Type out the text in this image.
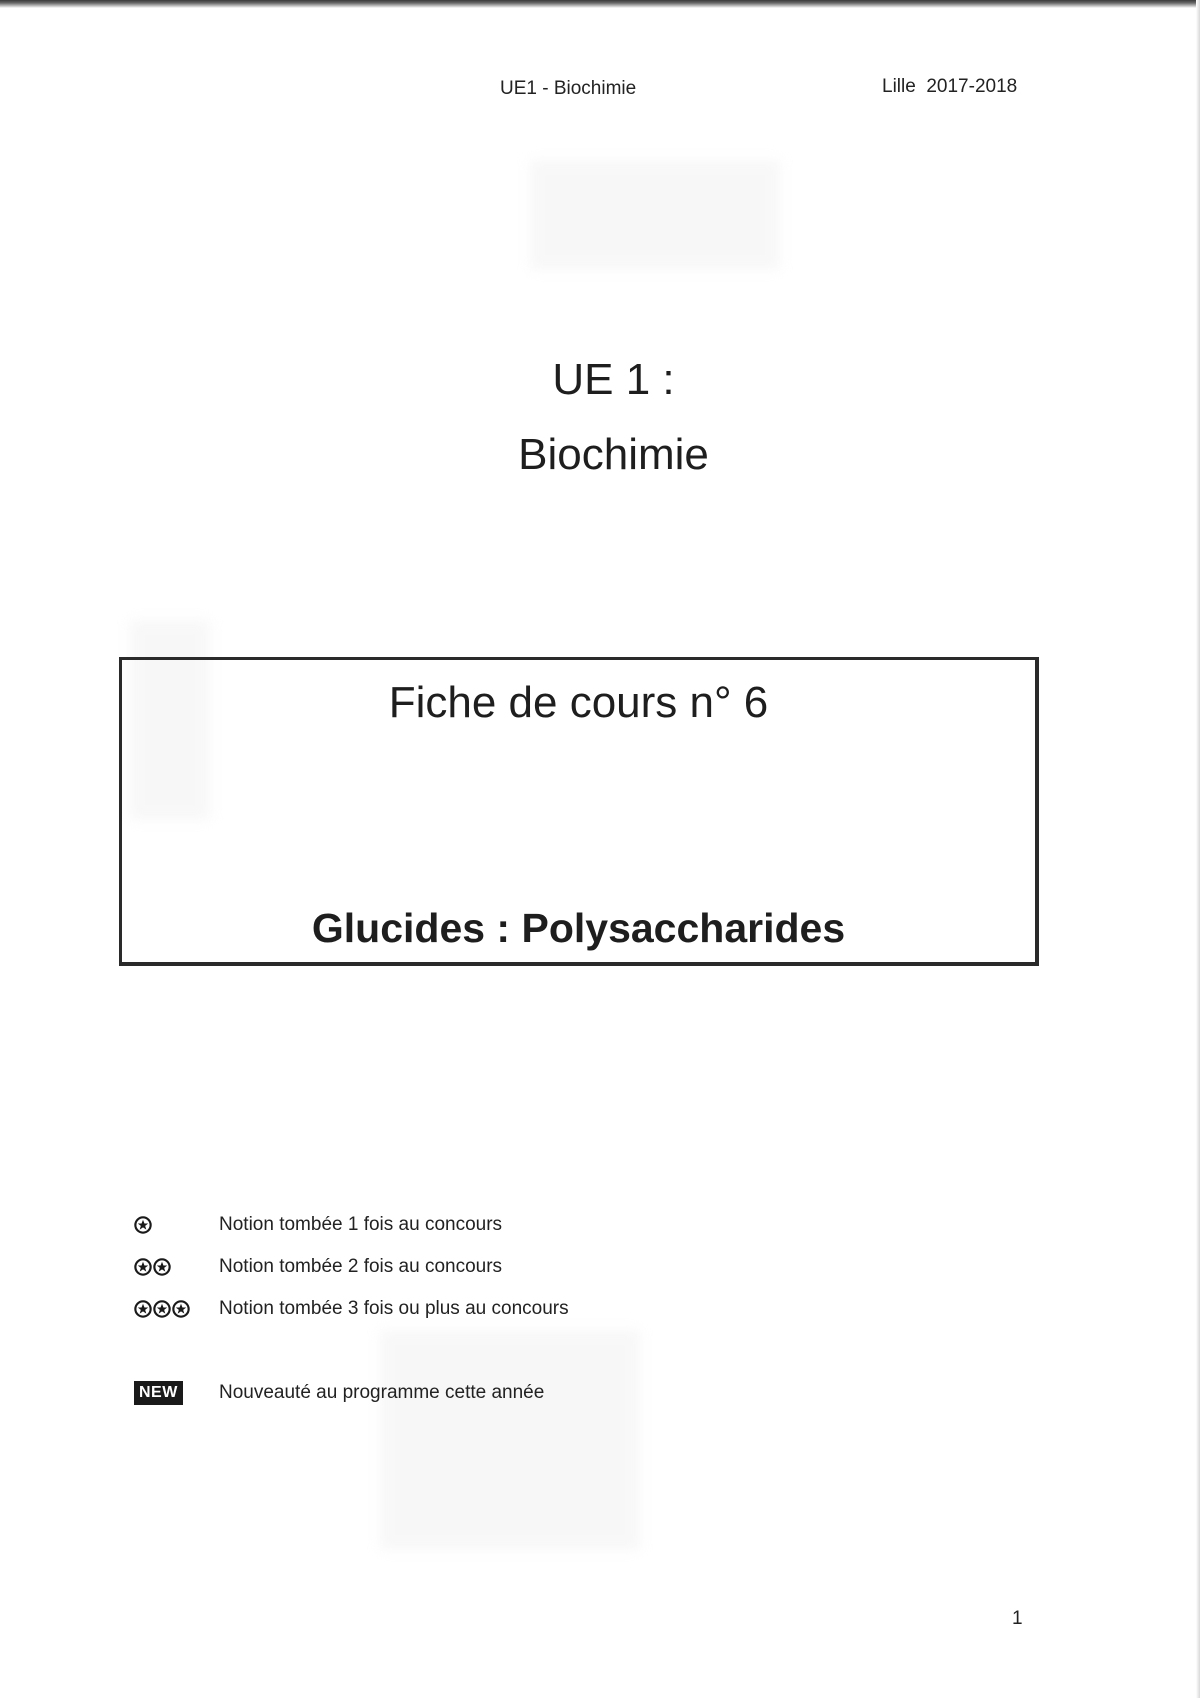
UE1 - Biochimie	Lille  2017-2018
UE 1 :
Biochimie
Fiche de cours n° 6
Glucides : Polysaccharides
Notion tombée 1 fois au concours
Notion tombée 2 fois au concours
Notion tombée 3 fois ou plus au concours
NEW Nouveauté au programme cette année
1
